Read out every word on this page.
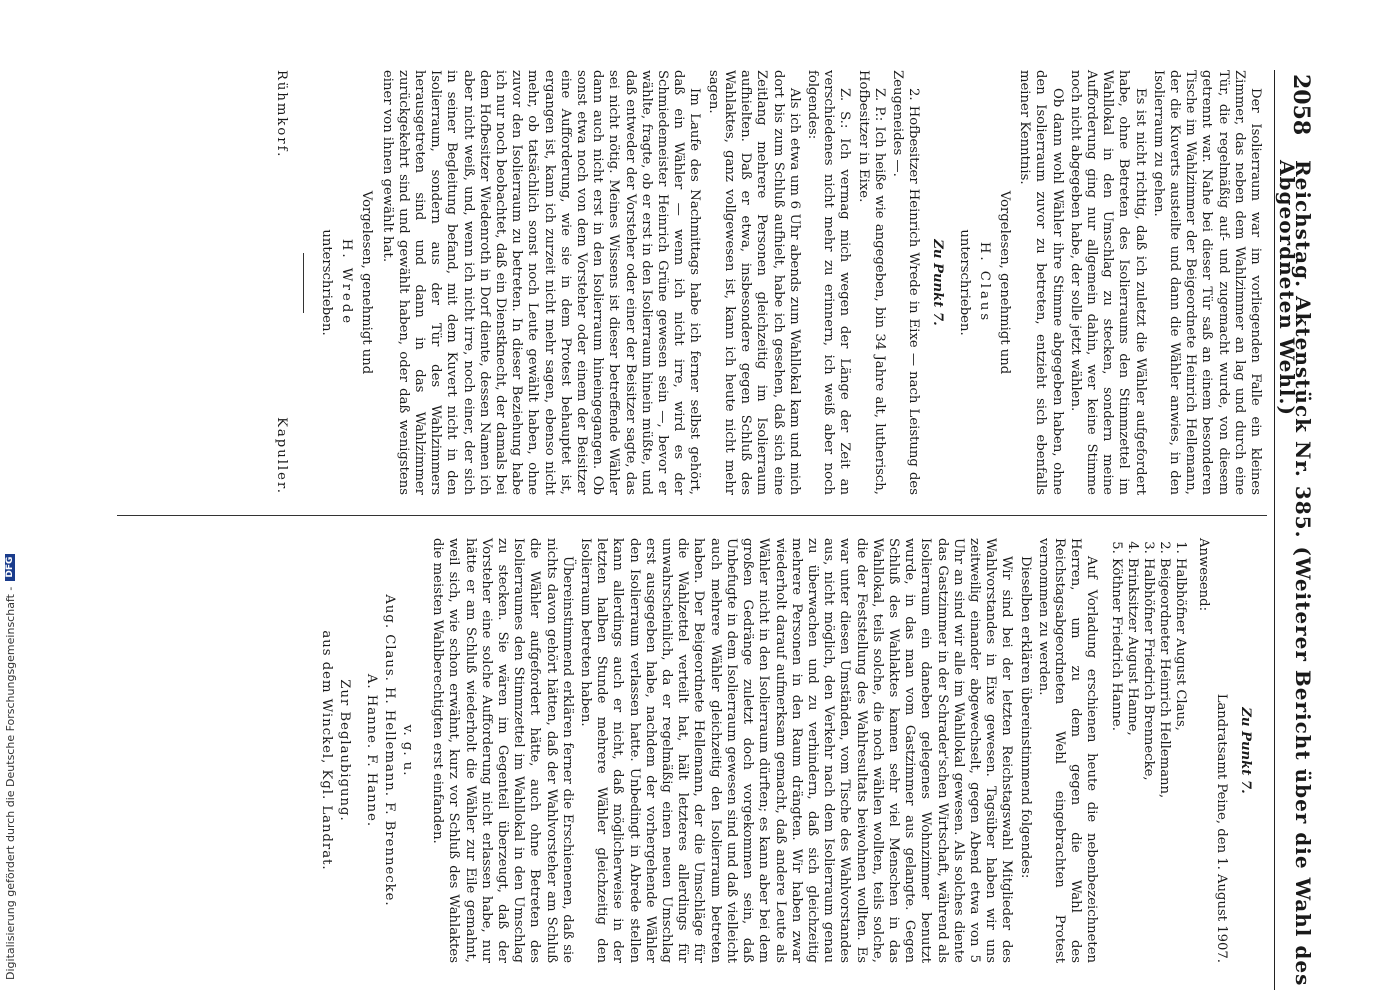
2058
Reichstag. Aktenstück Nr. 385. (Weiterer Bericht über die Wahl des Abgeordneten Wehl.)

Der Isolierraum war im vorliegenden Falle ein kleines Zimmer, das neben dem Wahlzimmer an lag und durch eine Tür, die regelmäßig auf- und zugemacht wurde, von diesem getrennt war. Nahe bei dieser Tür saß an einem besonderen Tische im Wahlzimmer der Beigeordnete Heinrich Hellemann, der die Kuverts austeilte und dann die Wähler anwies, in den Isolierraum zu gehen.

Es ist nicht richtig, daß ich zuletzt die Wähler aufgefordert habe, ohne Betreten des Isolierraums den Stimmzettel im Wahllokal in den Umschlag zu stecken, sondern meine Aufforderung ging nur allgemein dahin, wer keine Stimme noch nicht abgegeben habe, der solle jetzt wählen.

Ob dann wohl Wähler ihre Stimme abgegeben haben, ohne den Isolierraum zuvor zu betreten, entzieht sich ebenfalls meiner Kenntnis.

Vorgelesen, genehmigt und

H. Claus

unterschrieben.

Zu Punkt 7.

2. Hofbesitzer Heinrich Wrede in Eixe — nach Leistung des Zeugeneides —.

Z. P.: Ich heiße wie angegeben, bin 34 Jahre alt, lutherisch, Hofbesitzer in Eixe.

Z. S.: Ich vermag mich wegen der Länge der Zeit an verschiedenes nicht mehr zu erinnern, ich weiß aber noch folgendes:

Als ich etwa um 6 Uhr abends zum Wahllokal kam und mich dort bis zum Schluß aufhielt, habe ich gesehen, daß sich eine Zeitlang mehrere Personen gleichzeitig im Isolierraum aufhielten. Daß er etwa, insbesondere gegen Schluß des Wahlaktes, ganz vollgewesen ist, kann ich heute nicht mehr sagen.

Im Laufe des Nachmittags habe ich ferner selbst gehört, daß ein Wähler — wenn ich nicht irre, wird es der Schmiedemeister Heinrich Grüne gewesen sein —, bevor er wählte, fragte, ob er erst in den Isolierraum hinein müßte, und daß entweder der Vorsteher oder einer der Beisitzer sagte, das sei nicht nötig. Meines Wissens ist dieser betreffende Wähler dann auch nicht erst in den Isolierraum hineingegangen. Ob sonst etwa noch von dem Vorsteher oder einem der Beisitzer eine Aufforderung, wie sie in dem Protest behauptet ist, ergangen ist, kann ich zurzeit nicht mehr sagen, ebenso nicht mehr, ob tatsächlich sonst noch Leute gewählt haben, ohne zuvor den Isolierraum zu betreten. In dieser Beziehung habe ich nur noch beobachtet, daß ein Dienstknecht, der damals bei dem Hofbesitzer Wiedenroth in Dorf diente, dessen Namen ich aber nicht weiß, und, wenn ich nicht irre, noch einer, der sich in seiner Begleitung befand, mit dem Kuvert nicht in den Isolierraum, sondern aus der Tür des Wahlzimmers herausgetreten sind und dann in das Wahlzimmer zurückgekehrt sind und gewählt haben, oder daß wenigstens einer von ihnen gewählt hat.

Vorgelesen, genehmigt und

H. Wrede

unterschrieben.

Rühmkorf.
Kapuller.

Zu Punkt 7.

Landratsamt Peine, den 1. August 1907.

Anwesend:

1. Halbhöfner August Claus,
2. Beigeordneter Heinrich Hellemann,
3. Halbhöfner Friedrich Brennecke,
4. Brinksitzer August Hanne,
5. Köthner Friedrich Hanne.

Auf Vorladung erschienen heute die nebenbezeichneten Herren, um zu dem gegen die Wahl des Reichstagsabgeordneten Wehl eingebrachten Protest vernommen zu werden.

Dieselben erklären übereinstimmend folgendes:

Wir sind bei der letzten Reichstagswahl Mitglieder des Wahlvorstandes in Eixe gewesen. Tagsüber haben wir uns zeitweilig einander abgewechselt, gegen Abend etwa von 5 Uhr an sind wir alle im Wahllokal gewesen. Als solches diente das Gastzimmer in der Schrader'schen Wirtschaft, während als Isolierraum ein daneben gelegenes Wohnzimmer benutzt wurde, in das man vom Gastzimmer aus gelangte. Gegen Schluß des Wahlaktes kamen sehr viel Menschen in das Wahllokal, teils solche, die noch wählen wollten, teils solche, die der Feststellung des Wahlresultats beiwohnen wollten. Es war unter diesen Umständen, vom Tische des Wahlvorstandes aus, nicht möglich, den Verkehr nach dem Isolierraum genau zu überwachen und zu verhindern, daß sich gleichzeitig mehrere Personen in den Raum drängten. Wir haben zwar wiederholt darauf aufmerksam gemacht, daß andere Leute als Wähler nicht in den Isolierraum dürften; es kann aber bei dem großen Gedränge zuletzt doch vorgekommen sein, daß Unbefugte in dem Isolierraum gewesen sind und daß vielleicht auch mehrere Wähler gleichzeitig den Isolierraum betreten haben. Der Beigeordnete Hellemann, der die Umschläge für die Wahlzettel verteilt hat, hält letzteres allerdings für unwahrscheinlich, da er regelmäßig einen neuen Umschlag erst ausgegeben habe, nachdem der vorhergehende Wähler den Isolierraum verlassen hatte. Unbedingt in Abrede stellen kann allerdings auch er nicht, daß möglicherweise in der letzten halben Stunde mehrere Wähler gleichzeitig den Isolierraum betreten haben.

Übereinstimmend erklären ferner die Erschienenen, daß sie nichts davon gehört hätten, daß der Wahlvorsteher am Schluß die Wähler aufgefordert hätte, auch ohne Betreten des Isolierraumes den Stimmzettel im Wahllokal in den Umschlag zu stecken. Sie wären im Gegenteil überzeugt, daß der Vorsteher eine solche Aufforderung nicht erlassen habe, nur hätte er am Schluß wiederholt die Wähler zur Eile gemahnt, weil sich, wie schon erwähnt, kurz vor Schluß des Wahlaktes die meisten Wahlberechtigten erst einfanden.

v. g. u.

Aug. Claus. H. Hellemann. F. Brennecke.

A. Hanne. F. Hanne.

Zur Beglaubigung.

aus dem Winckel, Kgl. Landrat.

Digitalisierung gefördert durch die Deutsche Forschungsgemeinschaft -
DFG
